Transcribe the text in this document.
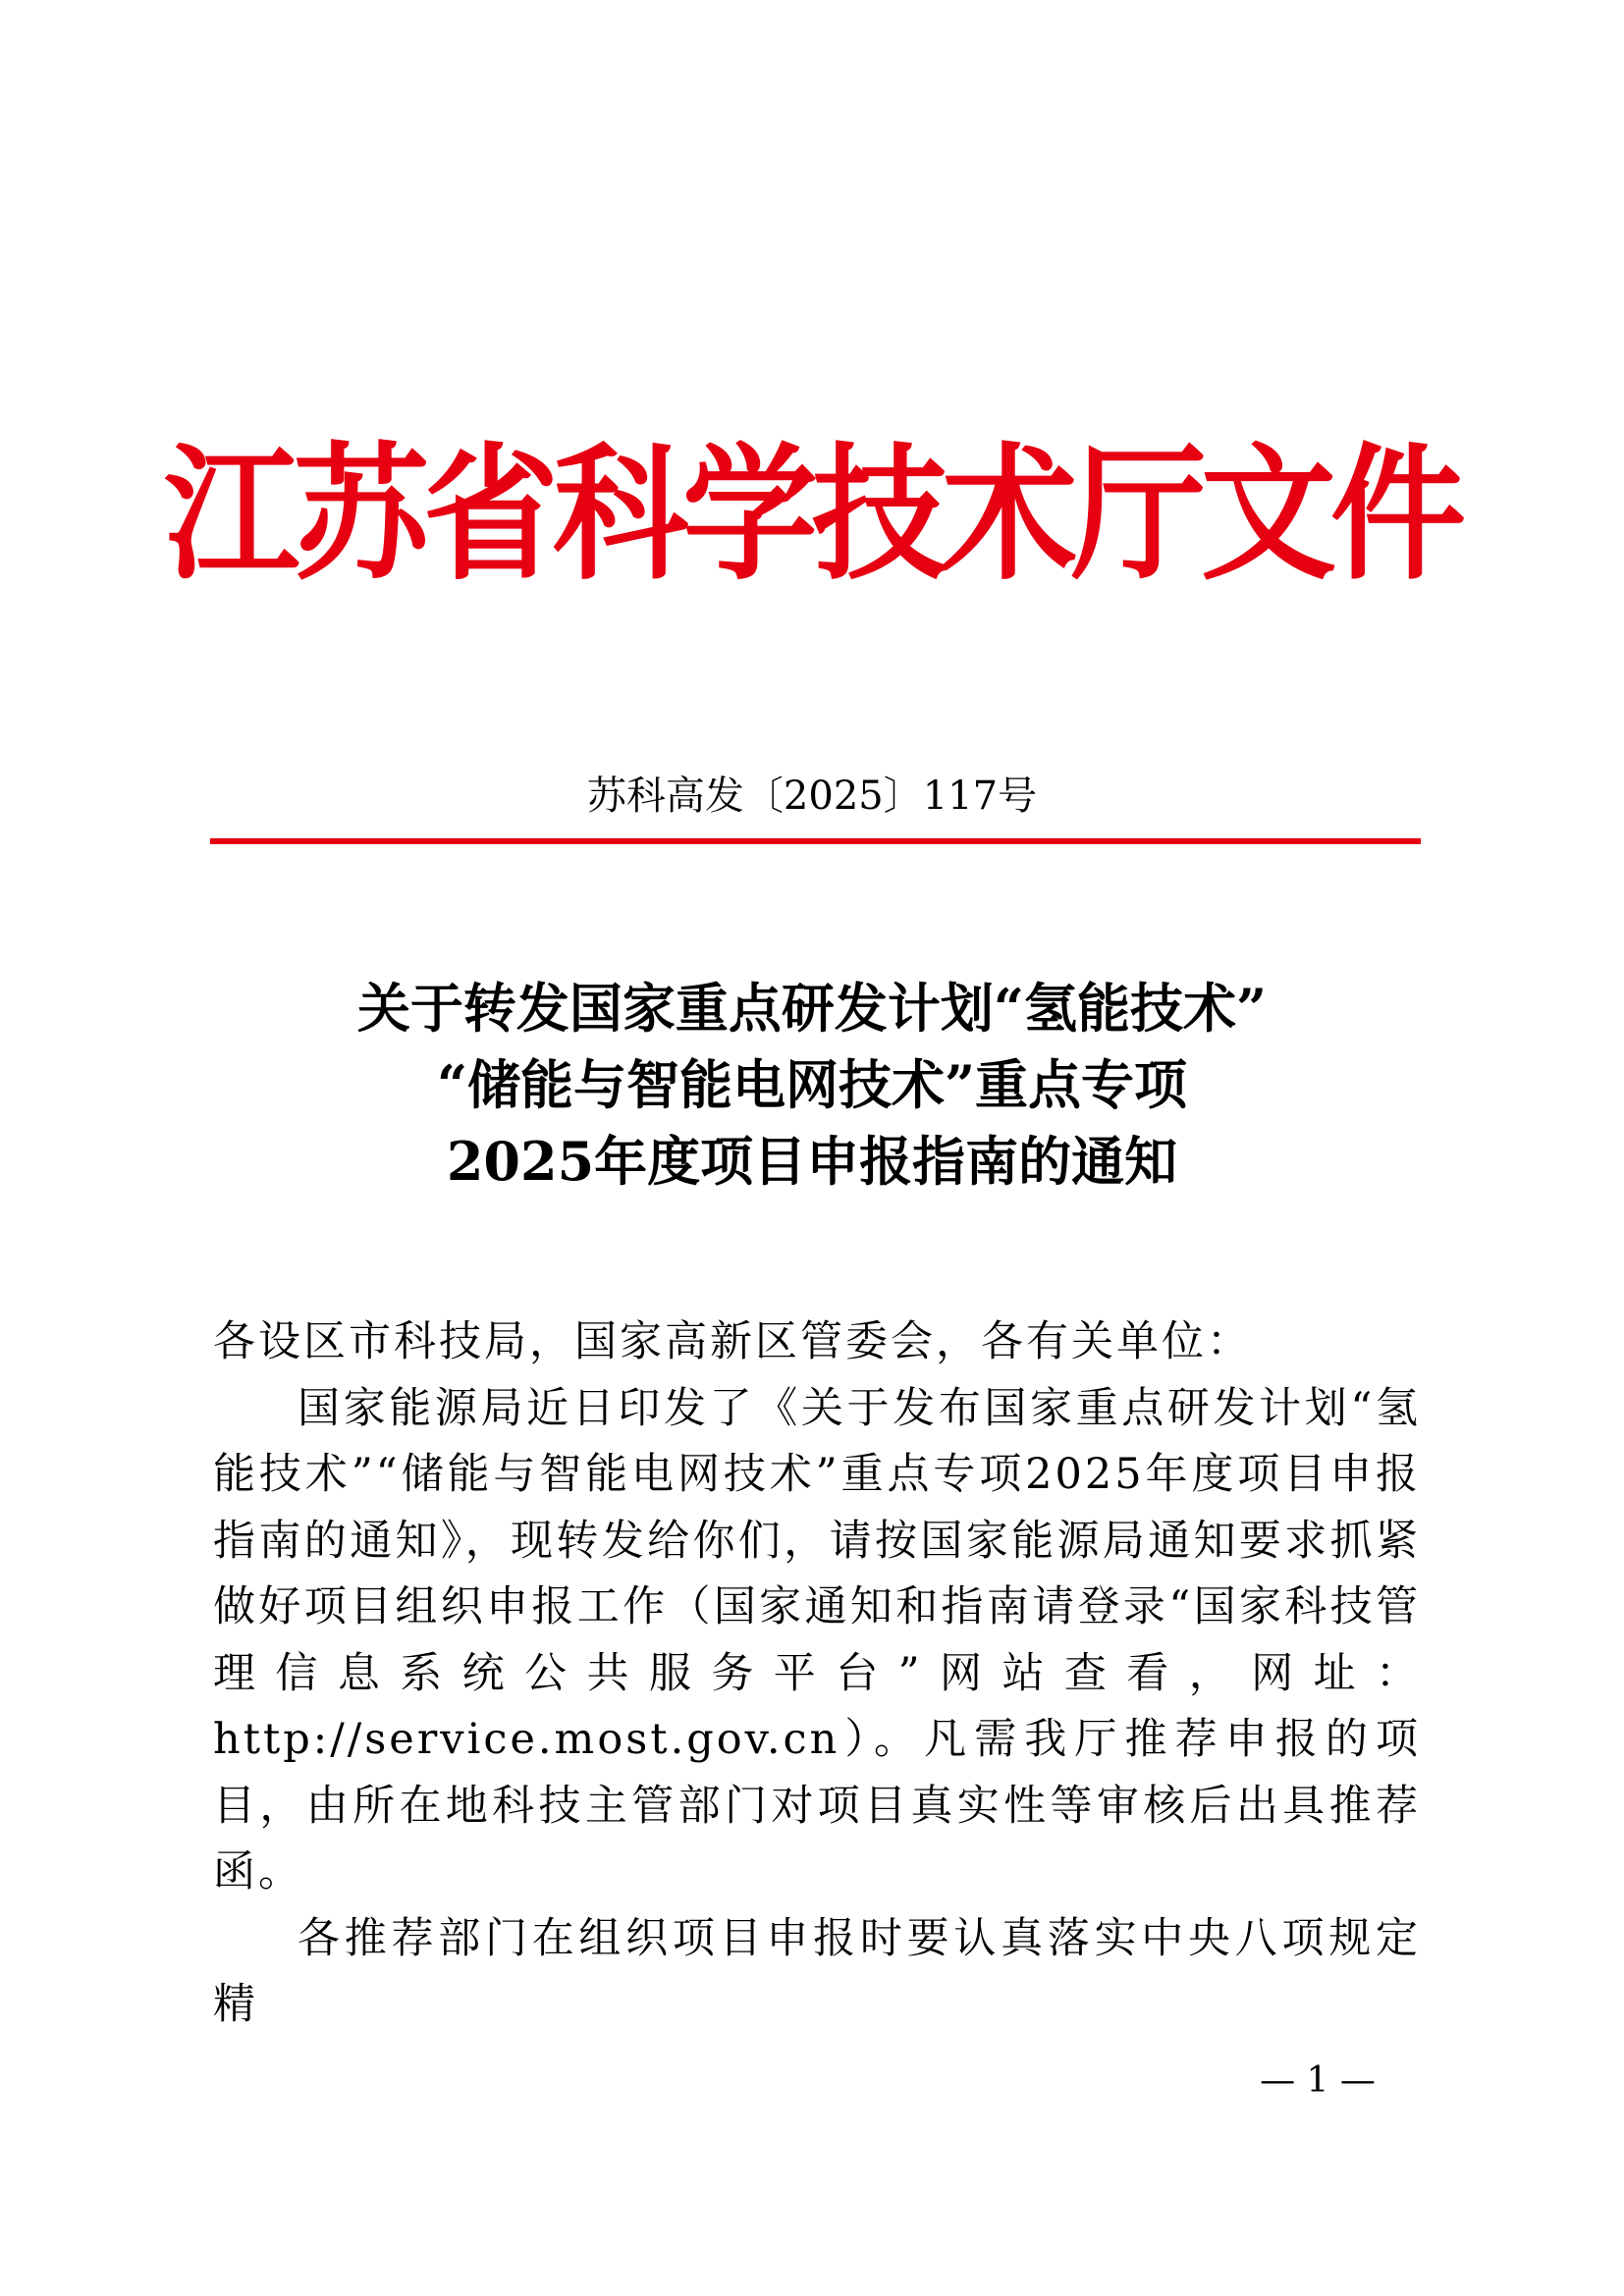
江苏省科学技术厅文件
苏科高发〔2025〕117号
关于转发国家重点研发计划“氢能技术”
“储能与智能电网技术”重点专项
2025年度项目申报指南的通知

各设区市科技局，国家高新区管委会，各有关单位：

国家能源局近日印发了《关于发布国家重点研发计划“氢能技术”“储能与智能电网技术”重点专项2025年度项目申报指南的通知》，现转发给你们，请按国家能源局通知要求抓紧做好项目组织申报工作（国家通知和指南请登录“国家科技管理信息系统公共服务平台”网站查看，网址：http://service.most.gov.cn）。凡需我厅推荐申报的项目，由所在地科技主管部门对项目真实性等审核后出具推荐函。

各推荐部门在组织项目申报时要认真落实中央八项规定精

— 1 —
